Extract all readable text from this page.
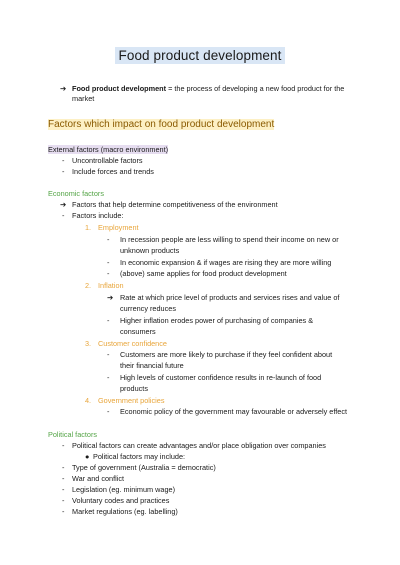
Food product development
➔ Food product development = the process of developing a new food product for the
market
Factors which impact on food product development
External factors (macro environment)
- Uncontrollable factors
- Include forces and trends
Economic factors
➔ Factors that help determine competitiveness of the environment
- Factors include:
1. Employment
- In recession people are less willing to spend their income on new or
unknown products
- In economic expansion & if wages are rising they are more willing
- (above) same applies for food product development
2. Inflation
➔ Rate at which price level of products and services rises and value of
currency reduces
- Higher inflation erodes power of purchasing of companies &
consumers
3. Customer confidence
- Customers are more likely to purchase if they feel confident about
their financial future
- High levels of customer confidence results in re-launch of food
products
4. Government policies
- Economic policy of the government may favourable or adversely effect
Political factors
- Political factors can create advantages and/or place obligation over companies
● Political factors may include:
- Type of government (Australia = democratic)
- War and conflict
- Legislation (eg. minimum wage)
- Voluntary codes and practices
- Market regulations (eg. labelling)
